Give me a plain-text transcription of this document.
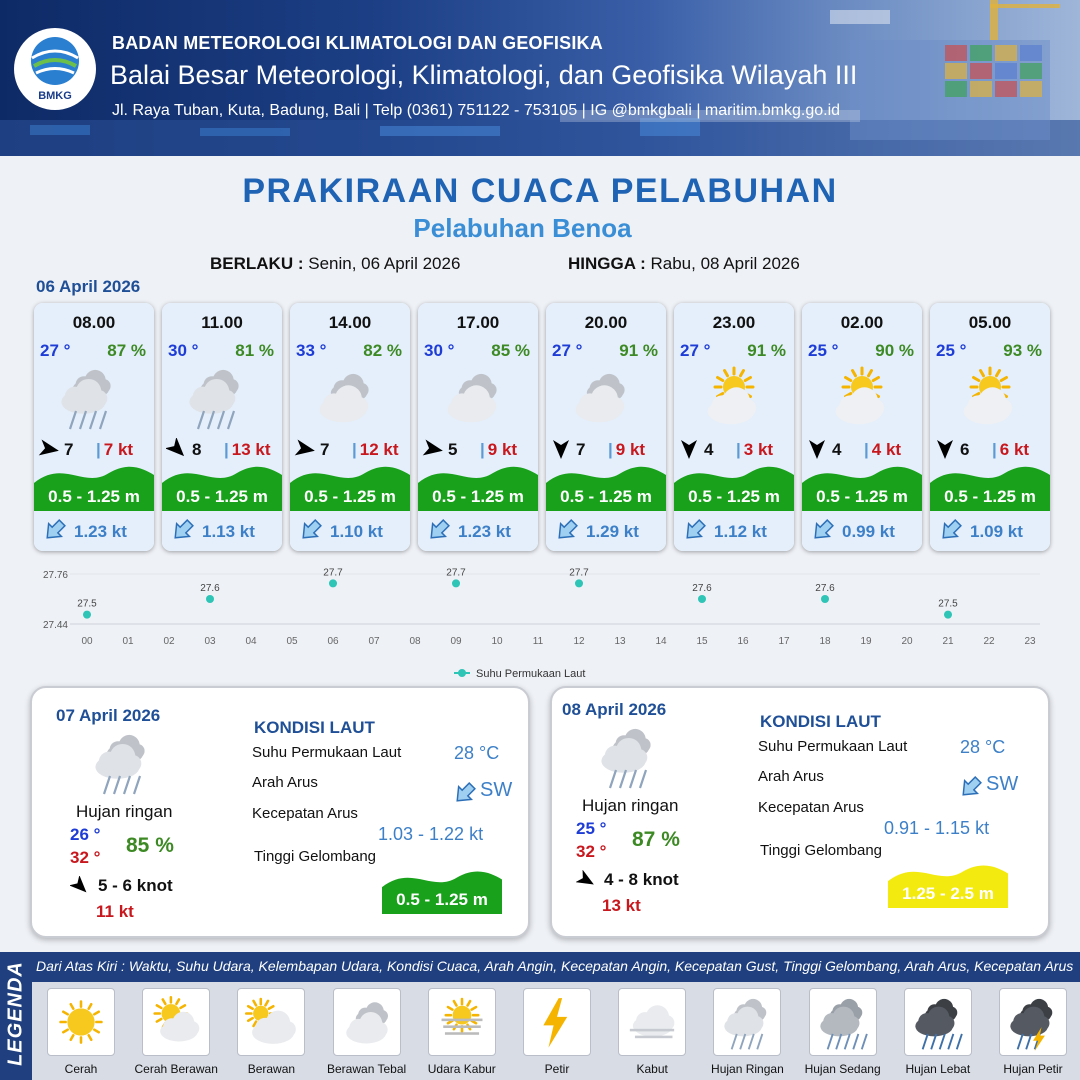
BMKG
BADAN METEOROLOGI KLIMATOLOGI DAN GEOFISIKA
Balai Besar Meteorologi, Klimatologi, dan Geofisika Wilayah III
Jl. Raya Tuban, Kuta, Badung, Bali | Telp (0361) 751122 - 753105 | IG @bmkgbali | maritim.bmkg.go.id
PRAKIRAAN CUACA PELABUHAN
Pelabuhan Benoa
BERLAKU : Senin, 06 April 2026	HINGGA : Rabu, 08 April 2026
06 April 2026
08.00
27 ° 87 %
7 | 7 kt
0.5 - 1.25 m
1.23 kt
11.00
30 ° 81 %
8 | 13 kt
0.5 - 1.25 m
1.13 kt
14.00
33 ° 82 %
7 | 12 kt
0.5 - 1.25 m
1.10 kt
17.00
30 ° 85 %
5 | 9 kt
0.5 - 1.25 m
1.23 kt
20.00
27 ° 91 %
7 | 9 kt
0.5 - 1.25 m
1.29 kt
23.00
27 ° 91 %
4 | 3 kt
0.5 - 1.25 m
1.12 kt
02.00
25 ° 90 %
4 | 4 kt
0.5 - 1.25 m
0.99 kt
05.00
25 ° 93 %
6 | 6 kt
0.5 - 1.25 m
1.09 kt
27.44
27.76
00	01	02	03	04	05	06	07	08	09	10	11	12	13	14	15	16	17	18	19	20	21	22	23
27.5
27.6
27.7	27.7	27.7
27.6	27.6
27.5
Suhu Permukaan Laut
07 April 2026
Hujan ringan
26 °
32 °
85 %
5 - 6 knot
11 kt
KONDISI LAUT
Suhu Permukaan Laut	28 °C
Arah Arus	SW
Kecepatan Arus
1.03 - 1.22 kt
Tinggi Gelombang
0.5 - 1.25 m
08 April 2026
Hujan ringan
25 °
32 °
87 %
4 - 8 knot
13 kt
KONDISI LAUT
Suhu Permukaan Laut	28 °C
Arah Arus	SW
Kecepatan Arus
0.91 - 1.15 kt
Tinggi Gelombang
1.25 - 2.5 m
LEGENDA Dari Atas Kiri : Waktu, Suhu Udara, Kelembapan Udara, Kondisi Cuaca, Arah Angin, Kecepatan Angin, Kecepatan Gust, Tinggi Gelombang, Arah Arus, Kecepatan Arus
Cerah	Cerah Berawan	Berawan	Berawan Tebal	Udara Kabur	Petir	Kabut	Hujan Ringan	Hujan Sedang	Hujan Lebat	Hujan Petir
